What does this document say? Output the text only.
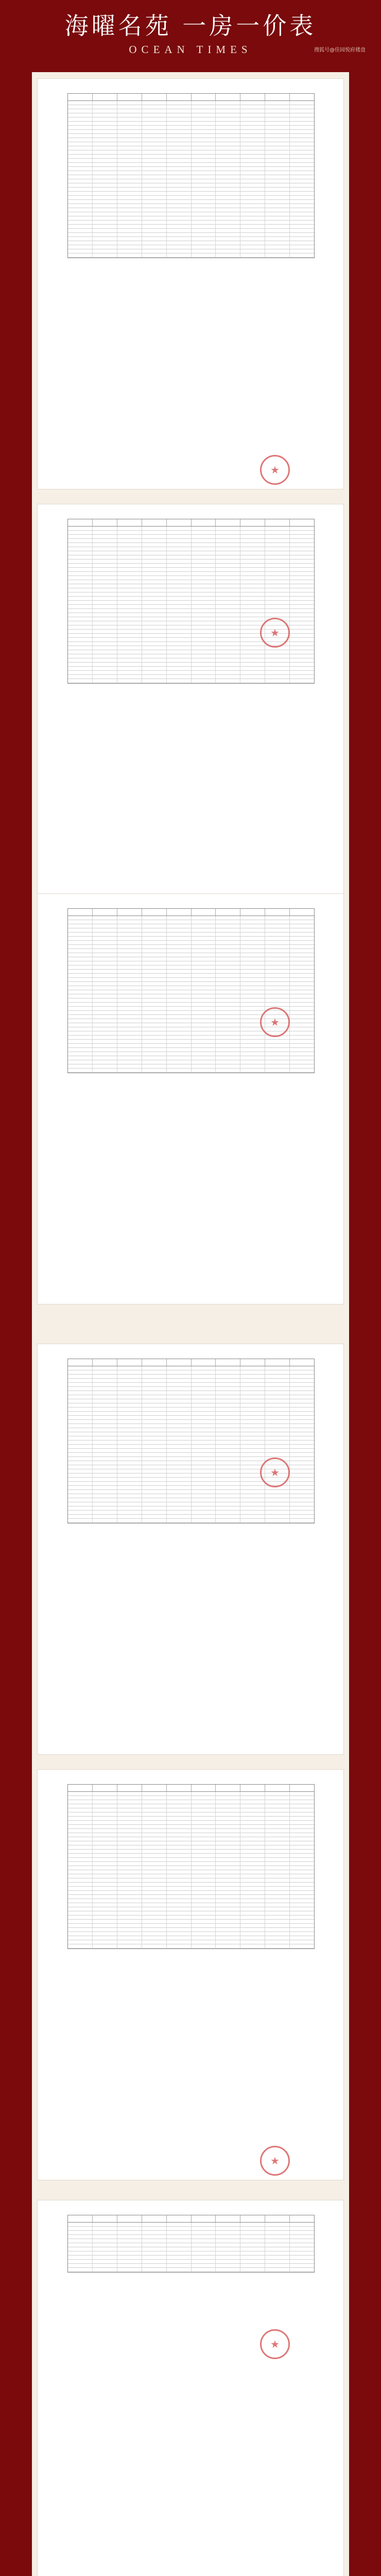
海曜名苑 一房一价表
OCEAN TIMES	搜狐号@佳园悦府楼盘
★
★
★
★
★
★
